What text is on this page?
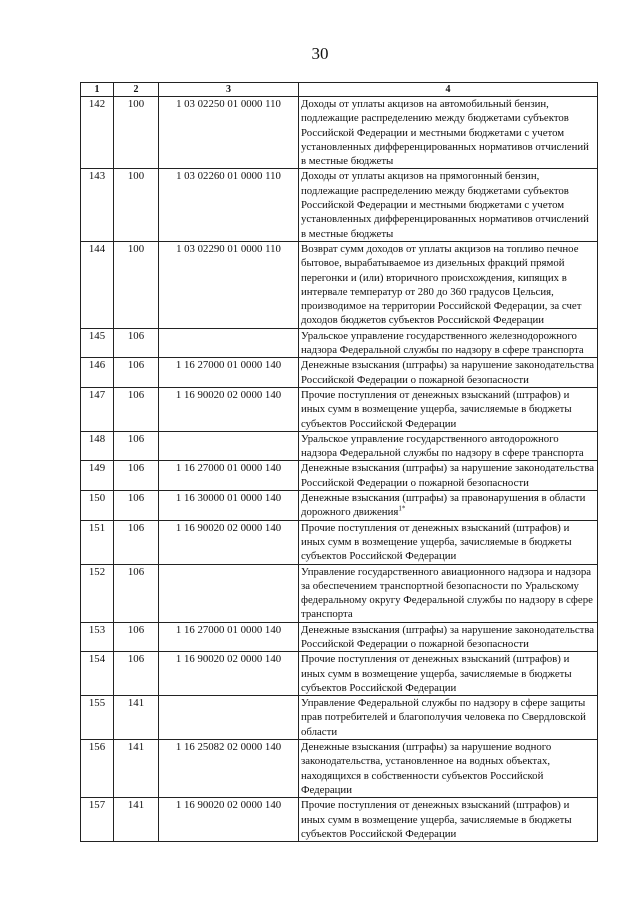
30
1	2	3	4
142	100	1 03 02250 01 0000 110	Доходы от уплаты акцизов на автомобильный бензин, подлежащие распределению между бюджетами субъектов Российской Федерации и местными бюджетами с учетом установленных дифференцированных нормативов отчислений в местные бюджеты
143	100	1 03 02260 01 0000 110	Доходы от уплаты акцизов на прямогонный бензин, подлежащие распределению между бюджетами субъектов Российской Федерации и местными бюджетами с учетом установленных дифференцированных нормативов отчислений в местные бюджеты
144	100	1 03 02290 01 0000 110	Возврат сумм доходов от уплаты акцизов на топливо печное бытовое, вырабатываемое из дизельных фракций прямой перегонки и (или) вторичного происхождения, кипящих в интервале температур от 280 до 360 градусов Цельсия, производимое на территории Российской Федерации, за счет доходов бюджетов субъектов Российской Федерации
145	106		Уральское управление государственного железнодорожного надзора Федеральной службы по надзору в сфере транспорта
146	106	1 16 27000 01 0000 140	Денежные взыскания (штрафы) за нарушение законодательства Российской Федерации о пожарной безопасности
147	106	1 16 90020 02 0000 140	Прочие поступления от денежных взысканий (штрафов) и иных сумм в возмещение ущерба, зачисляемые в бюджеты субъектов Российской Федерации
148	106		Уральское управление государственного автодорожного надзора Федеральной службы по надзору в сфере транспорта
149	106	1 16 27000 01 0000 140	Денежные взыскания (штрафы) за нарушение законодательства Российской Федерации о пожарной безопасности
150	106	1 16 30000 01 0000 140	Денежные взыскания (штрафы) за правонарушения в области дорожного движения$^{1*}$
151	106	1 16 90020 02 0000 140	Прочие поступления от денежных взысканий (штрафов) и иных сумм в возмещение ущерба, зачисляемые в бюджеты субъектов Российской Федерации
152	106		Управление государственного авиационного надзора и надзора за обеспечением транспортной безопасности по Уральскому федеральному округу Федеральной службы по надзору в сфере транспорта
153	106	1 16 27000 01 0000 140	Денежные взыскания (штрафы) за нарушение законодательства Российской Федерации о пожарной безопасности
154	106	1 16 90020 02 0000 140	Прочие поступления от денежных взысканий (штрафов) и иных сумм в возмещение ущерба, зачисляемые в бюджеты субъектов Российской Федерации
155	141		Управление Федеральной службы по надзору в сфере защиты прав потребителей и благополучия человека по Свердловской области
156	141	1 16 25082 02 0000 140	Денежные взыскания (штрафы) за нарушение водного законодательства, установленное на водных объектах, находящихся в собственности субъектов Российской Федерации
157	141	1 16 90020 02 0000 140	Прочие поступления от денежных взысканий (штрафов) и иных сумм в возмещение ущерба, зачисляемые в бюджеты субъектов Российской Федерации
